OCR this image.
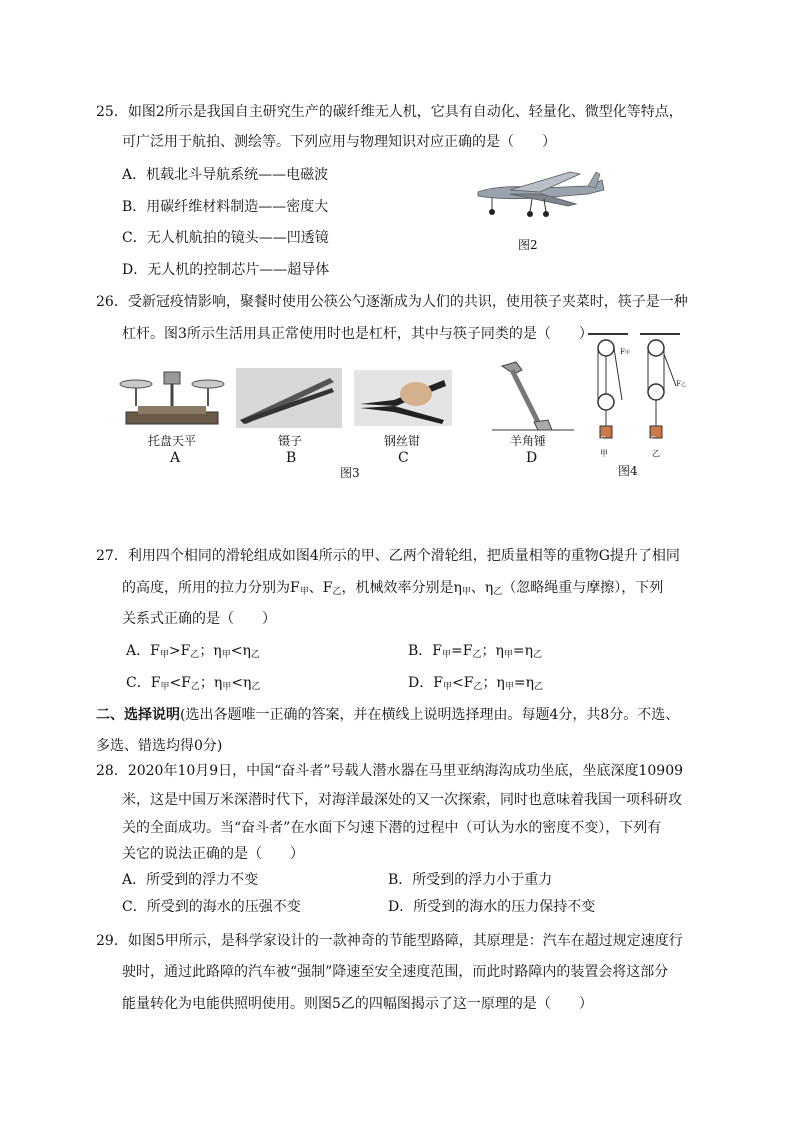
25．如图2所示是我国自主研究生产的碳纤维无人机，它具有自动化、轻量化、微型化等特点，
可广泛用于航拍、测绘等。下列应用与物理知识对应正确的是（　　）
A．机载北斗导航系统——电磁波
B．用碳纤维材料制造——密度大
C．无人机航拍的镜头——凹透镜
D．无人机的控制芯片——超导体
图2
26．受新冠疫情影响，聚餐时使用公筷公勺逐渐成为人们的共识，使用筷子夹菜时，筷子是一种
杠杆。图3所示生活用具正常使用时也是杠杆，其中与筷子同类的是（　　）
托盘天平
A
镊子
B
钢丝钳
C
羊角锤
D
图3
G	G
F甲
F乙
甲	乙
图4
27．利用四个相同的滑轮组成如图4所示的甲、乙两个滑轮组，把质量相等的重物G提升了相同
的高度，所用的拉力分别为$F_甲$、$F_乙$，机械效率分别是$\eta_甲$、$\eta_乙$（忽略绳重与摩擦），下列
关系式正确的是（　　）
A．$F_甲>F_乙$；$\eta_甲<\eta_乙$	B．$F_甲=F_乙$；$\eta_甲=\eta_乙$
C．$F_甲<F_乙$；$\eta_甲<\eta_乙$	D．$F_甲<F_乙$；$\eta_甲=\eta_乙$
二、选择说明(选出各题唯一正确的答案，并在横线上说明选择理由。每题4分，共8分。不选、
多选、错选均得0分)
28．2020年10月9日，中国“奋斗者”号载人潜水器在马里亚纳海沟成功坐底，坐底深度10909
米，这是中国万米深潜时代下，对海洋最深处的又一次探索，同时也意味着我国一项科研攻
关的全面成功。当“奋斗者”在水面下匀速下潜的过程中（可认为水的密度不变），下列有
关它的说法正确的是（　　）
A．所受到的浮力不变	B．所受到的浮力小于重力
C．所受到的海水的压强不变	D．所受到的海水的压力保持不变
29．如图5甲所示，是科学家设计的一款神奇的节能型路障，其原理是：汽车在超过规定速度行
驶时，通过此路障的汽车被“强制”降速至安全速度范围，而此时路障内的装置会将这部分
能量转化为电能供照明使用。则图5乙的四幅图揭示了这一原理的是（　　）
